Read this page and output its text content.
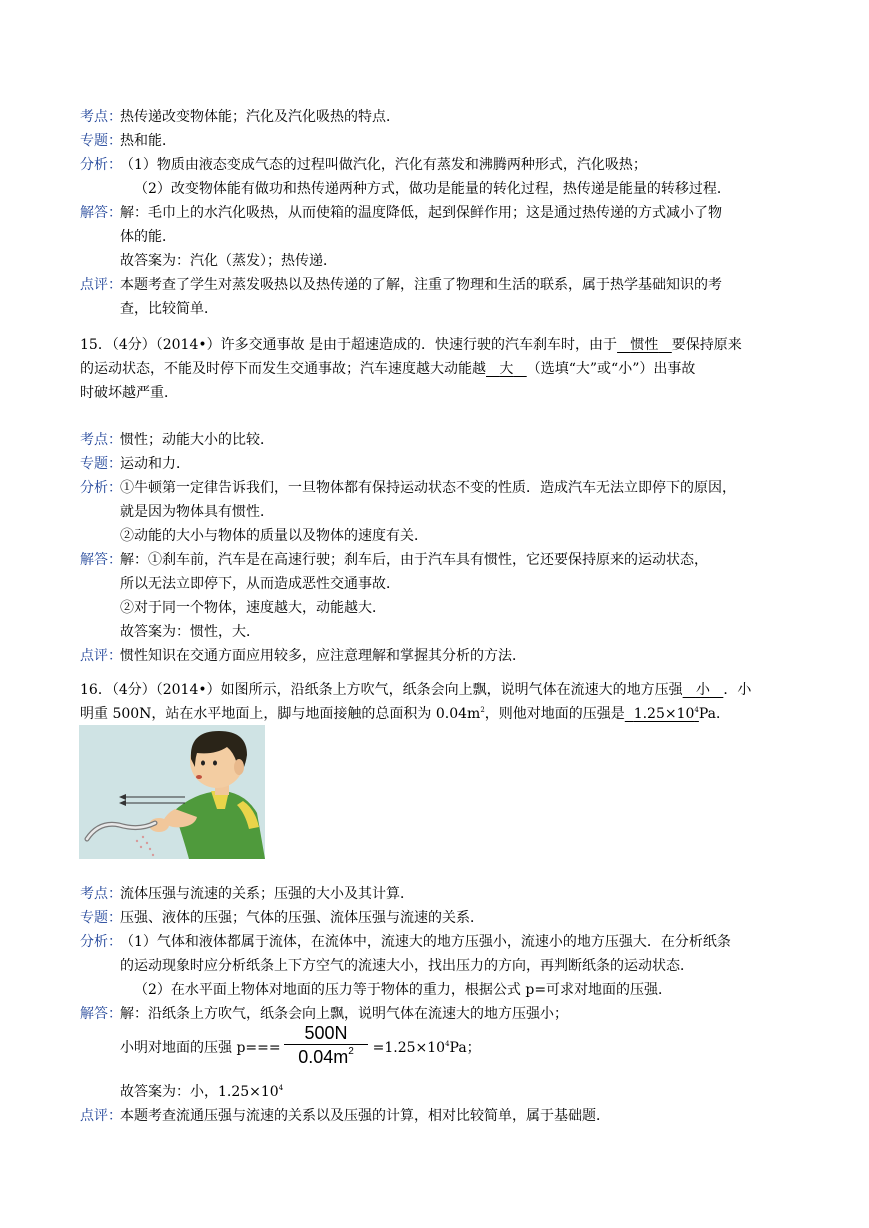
考点：
热传递改变物体能；汽化及汽化吸热的特点．
专题：
热和能．
分析：
（1）物质由液态变成气态的过程叫做汽化，汽化有蒸发和沸腾两种形式，汽化吸热；
（2）改变物体能有做功和热传递两种方式，做功是能量的转化过程，热传递是能量的转移过程．
解答：
解：毛巾上的水汽化吸热，从而使箱的温度降低，起到保鲜作用；这是通过热传递的方式减小了物
体的能．
故答案为：汽化（蒸发）；热传递．
点评：
本题考查了学生对蒸发吸热以及热传递的了解，注重了物理和生活的联系，属于热学基础知识的考
查，比较简单．
15．（4分）（2014•）许多交通事故 是由于超速造成的．快速行驶的汽车刹车时，由于 惯性 要保持原来
的运动状态，不能及时停下而发生交通事故；汽车速度越大动能越 大 （选填“大”或“小”）出事故
时破坏越严重．
考点：
惯性；动能大小的比较．
专题：
运动和力．
分析：
①牛顿第一定律告诉我们，一旦物体都有保持运动状态不变的性质．造成汽车无法立即停下的原因，
就是因为物体具有惯性．
②动能的大小与物体的质量以及物体的速度有关．
解答：
解：①刹车前，汽车是在高速行驶；刹车后，由于汽车具有惯性，它还要保持原来的运动状态，
所以无法立即停下，从而造成恶性交通事故．
②对于同一个物体，速度越大，动能越大．
故答案为：惯性，大．
点评：
惯性知识在交通方面应用较多，应注意理解和掌握其分析的方法．
16．（4分）（2014•）如图所示，沿纸条上方吹气，纸条会向上飘，说明气体在流速大的地方压强 小 ．小
明重 500N，站在水平地面上，脚与地面接触的总面积为 $0.04m^2$，则他对地面的压强是 $1.25\times 10^4Pa$．
考点：
流体压强与流速的关系；压强的大小及其计算．
专题：
压强、液体的压强；气体的压强、流体压强与流速的关系．
分析：
（1）气体和液体都属于流体，在流体中，流速大的地方压强小，流速小的地方压强大．在分析纸条
的运动现象时应分析纸条上下方空气的流速大小，找出压力的方向，再判断纸条的运动状态．
（2）在水平面上物体对地面的压力等于物体的重力，根据公式 p=可求对地面的压强．
解答：
解：沿纸条上方吹气，纸条会向上飘，说明气体在流速大的地方压强小；
小明对地面的压强 p===	$=1.25\times 10^4Pa$；
$\frac{500N}{0.04m^2}$
故答案为：小，$1.25\times 10^4$
点评：
本题考查流通压强与流速的关系以及压强的计算，相对比较简单，属于基础题．
